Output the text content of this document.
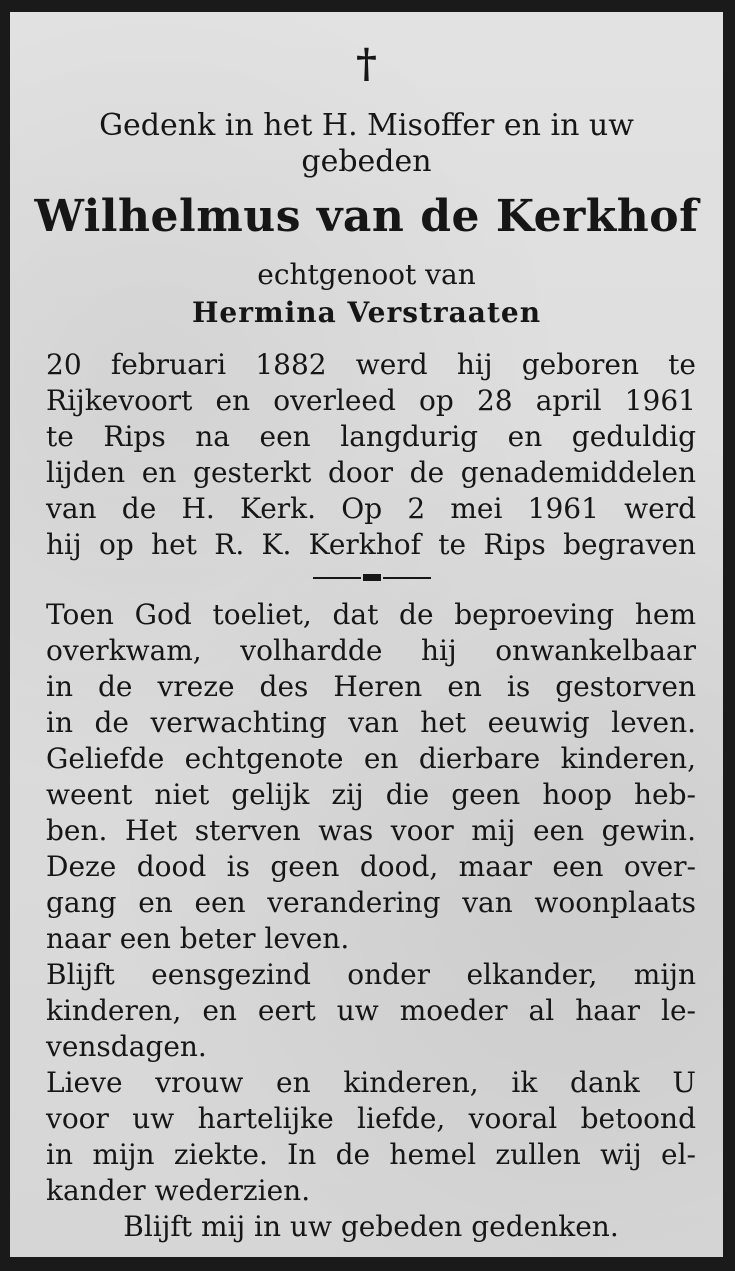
†
Gedenk in het H. Misoffer en in uw
gebeden
Wilhelmus van de Kerkhof
echtgenoot van
Hermina Verstraaten
20 februari 1882 werd hij geboren te
Rijkevoort en overleed op 28 april 1961
te Rips na een langdurig en geduldig
lijden en gesterkt door de genademiddelen
van de H. Kerk. Op 2 mei 1961 werd
hij op het R. K. Kerkhof te Rips begraven
Toen God toeliet, dat de beproeving hem
overkwam, volhardde hij onwankelbaar
in de vreze des Heren en is gestorven
in de verwachting van het eeuwig leven.
Geliefde echtgenote en dierbare kinderen,
weent niet gelijk zij die geen hoop heb-
ben. Het sterven was voor mij een gewin.
Deze dood is geen dood, maar een over-
gang en een verandering van woonplaats
naar een beter leven.
Blijft eensgezind onder elkander, mijn
kinderen, en eert uw moeder al haar le-
vensdagen.
Lieve vrouw en kinderen, ik dank U
voor uw hartelijke liefde, vooral betoond
in mijn ziekte. In de hemel zullen wij el-
kander wederzien.
Blijft mij in uw gebeden gedenken.
